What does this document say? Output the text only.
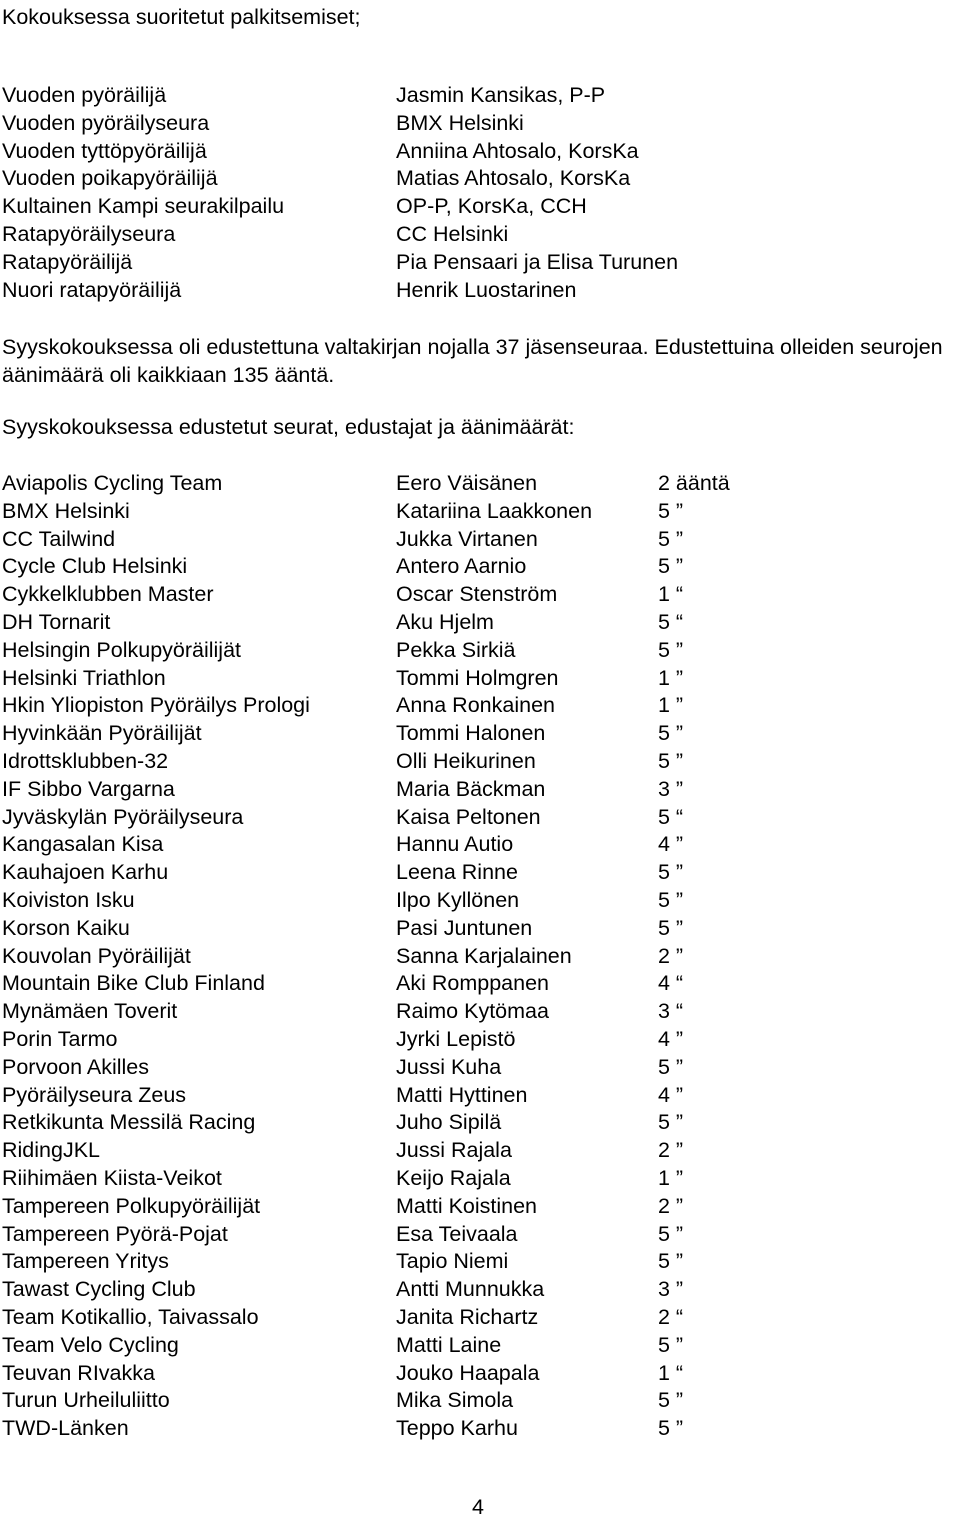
Kokouksessa suoritetut palkitsemiset;
Vuoden pyöräilijä	Jasmin Kansikas, P-P
Vuoden pyöräilyseura	BMX Helsinki
Vuoden tyttöpyöräilijä	Anniina Ahtosalo, KorsKa
Vuoden poikapyöräilijä	Matias Ahtosalo, KorsKa
Kultainen Kampi seurakilpailu	OP-P, KorsKa, CCH
Ratapyöräilyseura	CC Helsinki
Ratapyöräilijä	Pia Pensaari ja Elisa Turunen
Nuori ratapyöräilijä	Henrik Luostarinen
Syyskokouksessa oli edustettuna valtakirjan nojalla 37 jäsenseuraa. Edustettuina olleiden seurojen äänimäärä oli kaikkiaan 135 ääntä.
Syyskokouksessa edustetut seurat, edustajat ja äänimäärät:
Aviapolis Cycling Team	Eero Väisänen	2 ääntä
BMX Helsinki	Katariina Laakkonen	5 ”
CC Tailwind	Jukka Virtanen	5 ”
Cycle Club Helsinki	Antero Aarnio	5 ”
Cykkelklubben Master	Oscar Stenström	1 “
DH Tornarit	Aku Hjelm	5 “
Helsingin Polkupyöräilijät	Pekka Sirkiä	5 ”
Helsinki Triathlon	Tommi Holmgren	1 ”
Hkin Yliopiston Pyöräilys Prologi	Anna Ronkainen	1 ”
Hyvinkään Pyöräilijät	Tommi Halonen	5 ”
Idrottsklubben-32	Olli Heikurinen	5 ”
IF Sibbo Vargarna	Maria Bäckman	3 ”
Jyväskylän Pyöräilyseura	Kaisa Peltonen	5 “
Kangasalan Kisa	Hannu Autio	4 ”
Kauhajoen Karhu	Leena Rinne	5 ”
Koiviston Isku	Ilpo Kyllönen	5 ”
Korson Kaiku	Pasi Juntunen	5 ”
Kouvolan Pyöräilijät	Sanna Karjalainen	2 ”
Mountain Bike Club Finland	Aki Romppanen	4 “
Mynämäen Toverit	Raimo Kytömaa	3 “
Porin Tarmo	Jyrki Lepistö	4 ”
Porvoon Akilles	Jussi Kuha	5 ”
Pyöräilyseura Zeus	Matti Hyttinen	4 ”
Retkikunta Messilä Racing	Juho Sipilä	5 ”
RidingJKL	Jussi Rajala	2 ”
Riihimäen Kiista-Veikot	Keijo Rajala	1 ”
Tampereen Polkupyöräilijät	Matti Koistinen	2 ”
Tampereen Pyörä-Pojat	Esa Teivaala	5 ”
Tampereen Yritys	Tapio Niemi	5 ”
Tawast Cycling Club	Antti Munnukka	3 ”
Team Kotikallio, Taivassalo	Janita Richartz	2 “
Team Velo Cycling	Matti Laine	5 ”
Teuvan RIvakka	Jouko Haapala	1 “
Turun Urheiluliitto	Mika Simola	5 ”
TWD-Länken	Teppo Karhu	5 ”
4
